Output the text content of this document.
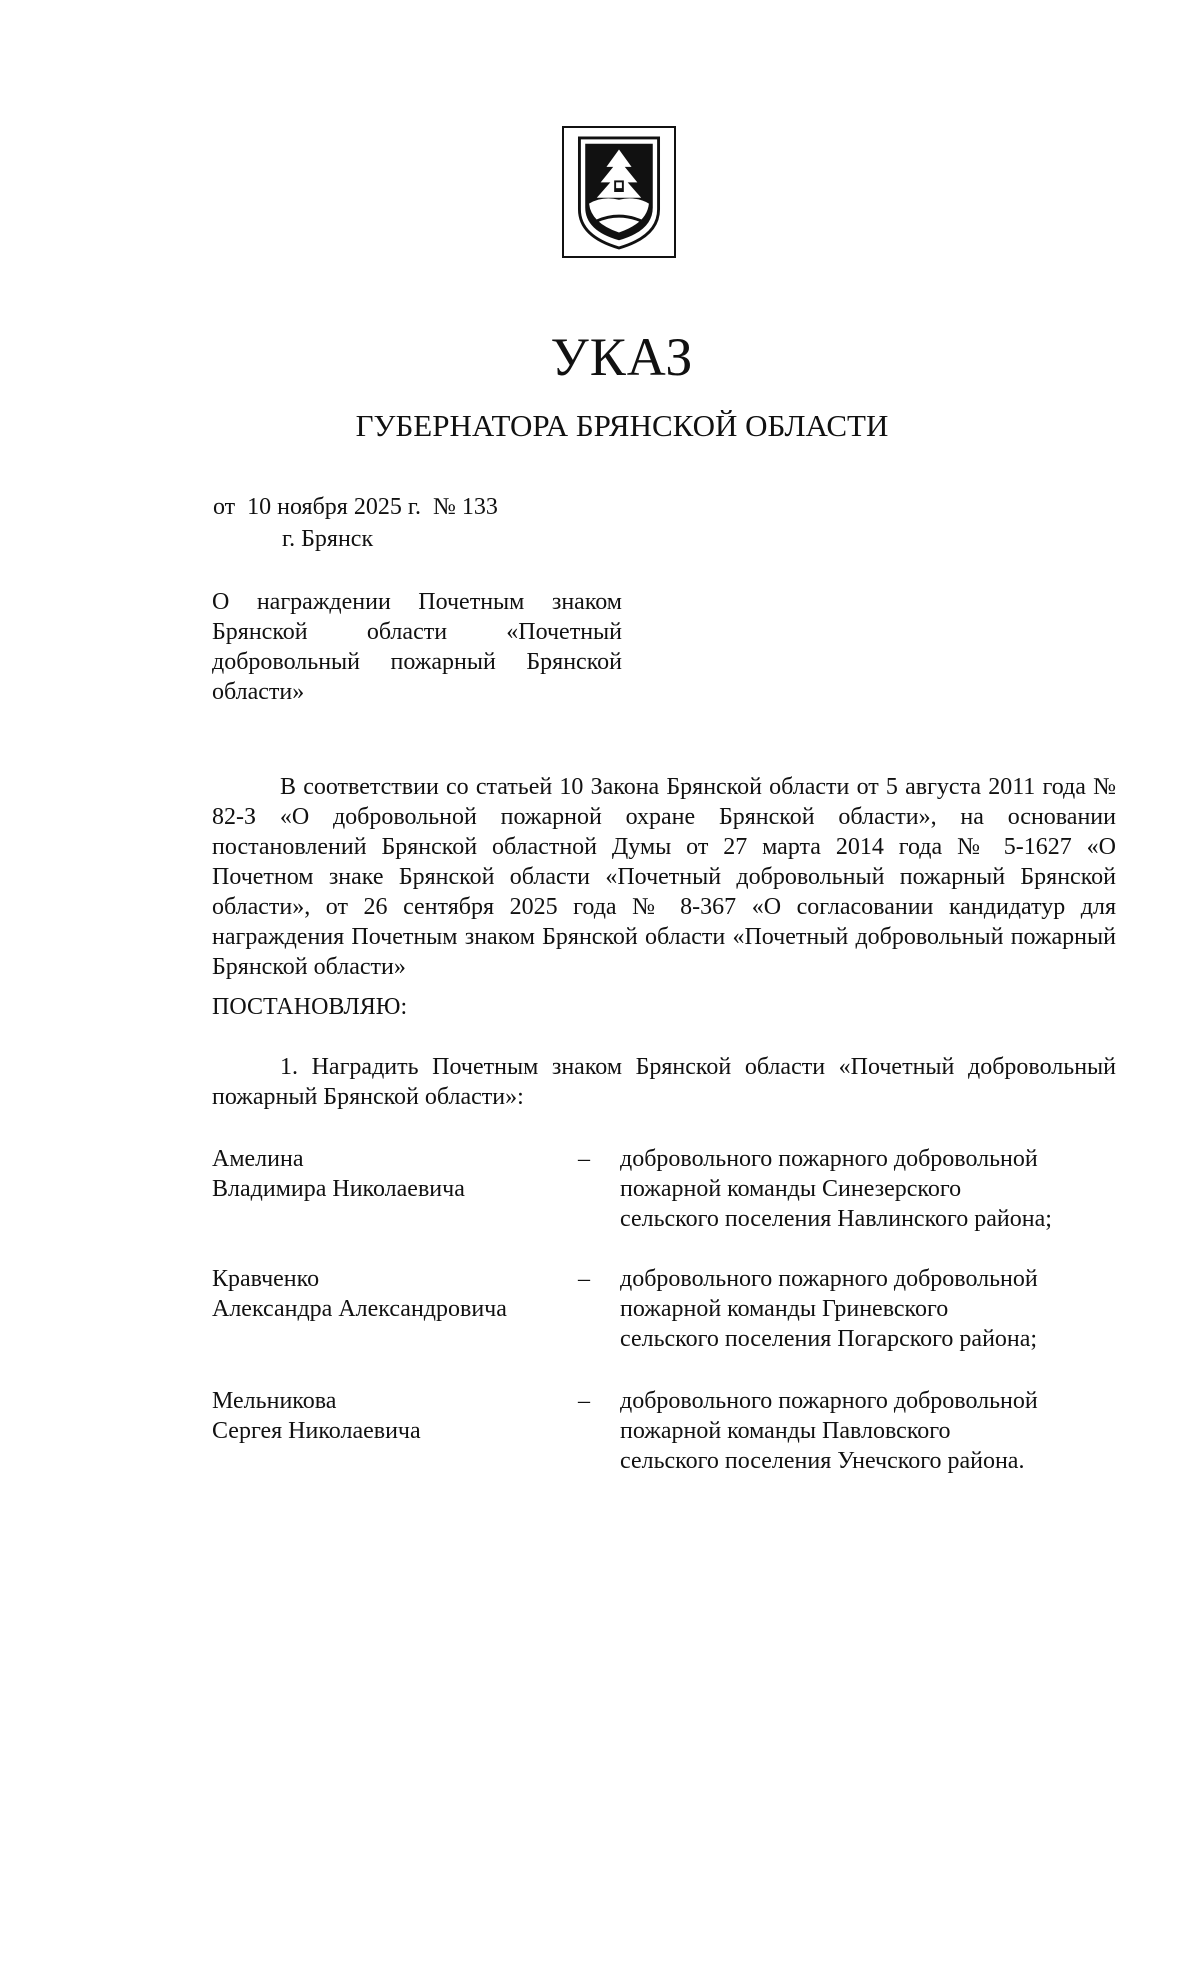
УКАЗ
ГУБЕРНАТОРА БРЯНСКОЙ ОБЛАСТИ
от  10 ноября 2025 г.  № 133
г. Брянск
О награждении Почетным знаком Брянской области «Почетный добровольный пожарный Брянской области»

В соответствии со статьей 10 Закона Брянской области от 5 августа 2011 года № 82-З «О добровольной пожарной охране Брянской области», на основании постановлений Брянской областной Думы от 27 марта 2014 года № 5-1627 «О Почетном знаке Брянской области «Почетный добровольный пожарный Брянской области», от 26 сентября 2025 года № 8-367 «О согласовании кандидатур для награждения Почетным знаком Брянской области «Почетный добровольный пожарный Брянской области»

ПОСТАНОВЛЯЮ:

1. Наградить Почетным знаком Брянской области «Почетный добровольный пожарный Брянской области»:

Амелина
Владимира Николаевича
– добровольного пожарного добровольной
пожарной команды Синезерского
сельского поселения Навлинского района;
Кравченко
Александра Александровича
– добровольного пожарного добровольной
пожарной команды Гриневского
сельского поселения Погарского района;
Мельникова
Сергея Николаевича
– добровольного пожарного добровольной
пожарной команды Павловского
сельского поселения Унечского района.
